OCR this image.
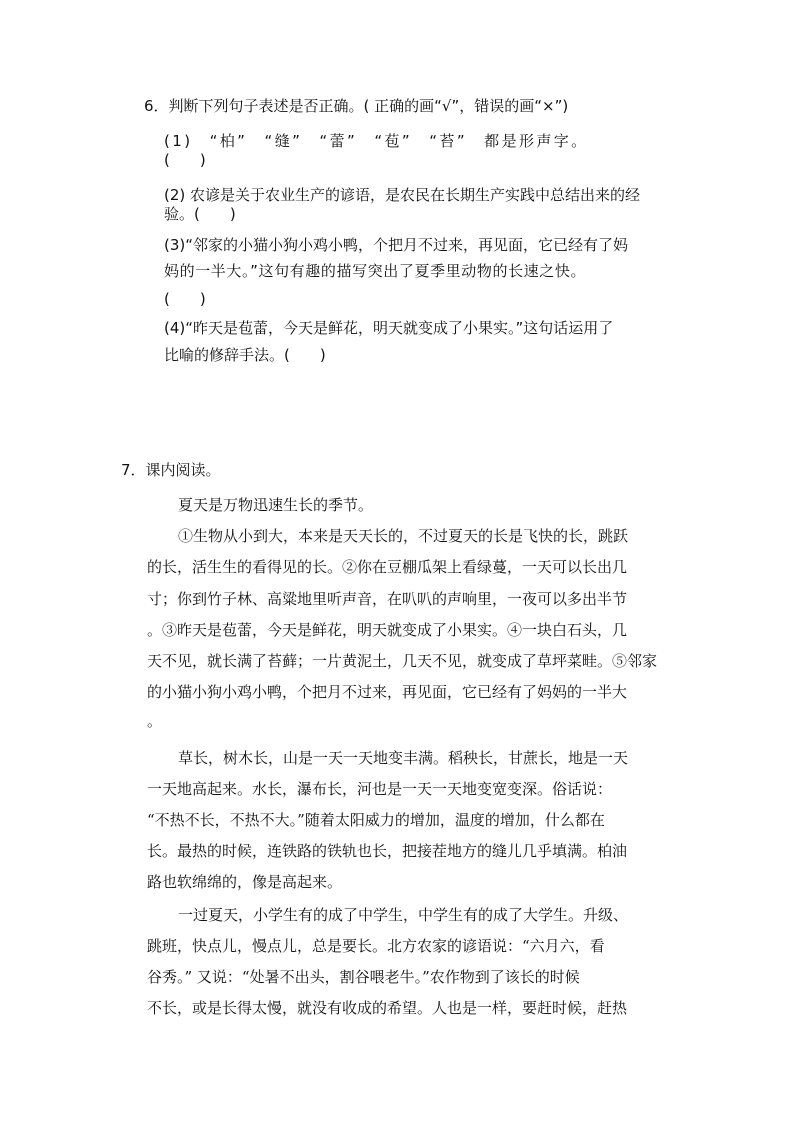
6．判断下列句子表述是否正确。( 正确的画“√”，错误的画“×”)
(1) “柏” “缝” “蕾” “苞” “苔” 都是形声字。
(　　)
(2) 农谚是关于农业生产的谚语，是农民在长期生产实践中总结出来的经
验。(　　)
(3)“邻家的小猫小狗小鸡小鸭，个把月不过来，再见面，它已经有了妈
妈的一半大。”这句有趣的描写突出了夏季里动物的长速之快。
(　　)
(4)“昨天是苞蕾，今天是鲜花，明天就变成了小果实。”这句话运用了
比喻的修辞手法。(　　)
7．课内阅读。
夏天是万物迅速生长的季节。
①生物从小到大，本来是天天长的，不过夏天的长是飞快的长，跳跃
的长，活生生的看得见的长。②你在豆棚瓜架上看绿蔓，一天可以长出几
寸；你到竹子林、高粱地里听声音，在叭叭的声响里，一夜可以多出半节
。③昨天是苞蕾，今天是鲜花，明天就变成了小果实。④一块白石头，几
天不见，就长满了苔藓；一片黄泥土，几天不见，就变成了草坪菜畦。⑤邻家
的小猫小狗小鸡小鸭，个把月不过来，再见面，它已经有了妈妈的一半大
。
草长，树木长，山是一天一天地变丰满。稻秧长，甘蔗长，地是一天
一天地高起来。水长，瀑布长，河也是一天一天地变宽变深。俗话说：
“不热不长，不热不大。”随着太阳威力的增加，温度的增加，什么都在
长。最热的时候，连铁路的铁轨也长，把接茬地方的缝儿几乎填满。柏油
路也软绵绵的，像是高起来。
一过夏天，小学生有的成了中学生，中学生有的成了大学生。升级、
跳班，快点儿，慢点儿，总是要长。北方农家的谚语说：“六月六，看
谷秀。” 又说：“处暑不出头，割谷喂老牛。”农作物到了该长的时候
不长，或是长得太慢，就没有收成的希望。人也是一样，要赶时候，赶热
